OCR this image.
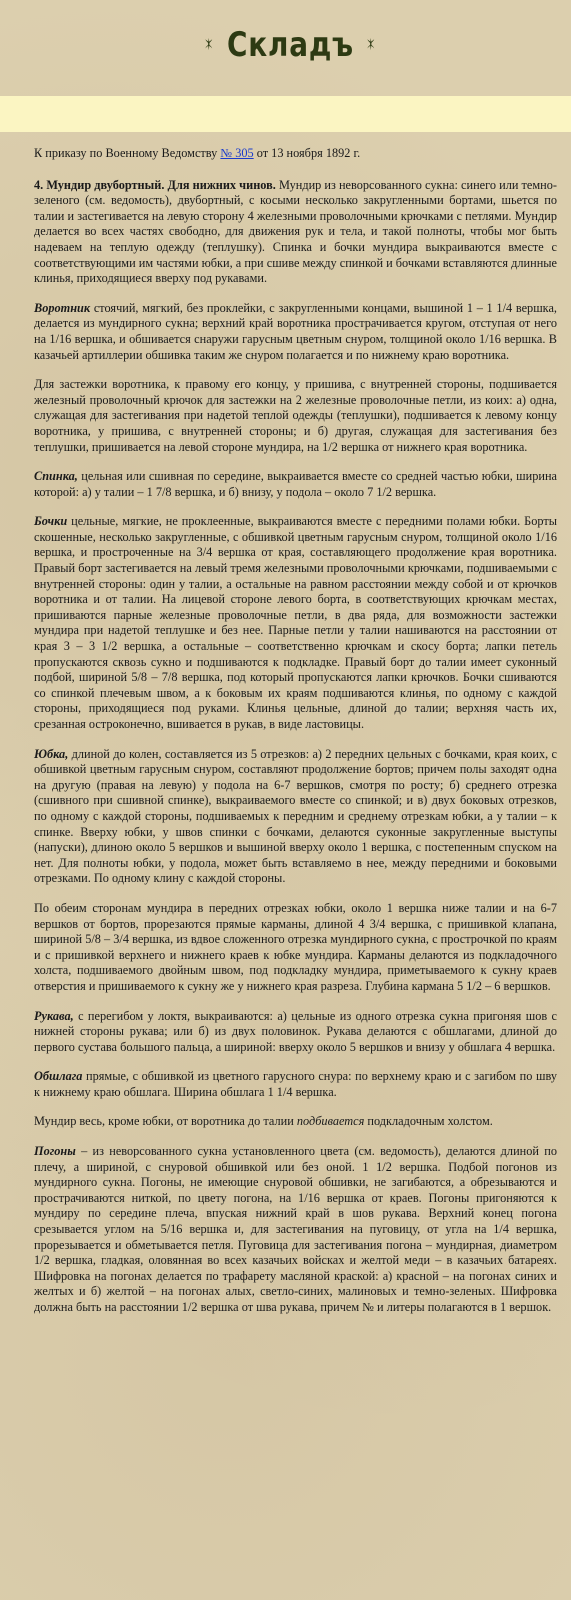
Складъ

К приказу по Военному Ведомству № 305 от 13 ноября 1892 г.

4. Мундир двубортный. Для нижних чинов. Мундир из неворсованного сукна: синего или темно-зеленого (см. ведомость), двубортный, с косыми несколько закругленными бортами, шьется по талии и застегивается на левую сторону 4 железными проволочными крючками с петлями. Мундир делается во всех частях свободно, для движения рук и тела, и такой полноты, чтобы мог быть надеваем на теплую одежду (теплушку). Спинка и бочки мундира выкраиваются вместе с соответствующими им частями юбки, а при сшиве между спинкой и бочками вставляются длинные клинья, приходящиеся вверху под рукавами.

Воротник стоячий, мягкий, без проклейки, с закругленными концами, вышиной 1 – 1 1/4 вершка, делается из мундирного сукна; верхний край воротника прострачивается кругом, отступая от него на 1/16 вершка, и обшивается снаружи гарусным цветным снуром, толщиной около 1/16 вершка. В казачьей артиллерии обшивка таким же снуром полагается и по нижнему краю воротника.

Для застежки воротника, к правому его концу, у пришива, с внутренней стороны, подшивается железный проволочный крючок для застежки на 2 железные проволочные петли, из коих: а) одна, служащая для застегивания при надетой теплой одежды (теплушки), подшивается к левому концу воротника, у пришива, с внутренней стороны; и б) другая, служащая для застегивания без теплушки, пришивается на левой стороне мундира, на 1/2 вершка от нижнего края воротника.

Спинка, цельная или сшивная по середине, выкраивается вместе со средней частью юбки, ширина которой: а) у талии – 1 7/8 вершка, и б) внизу, у подола – около 7 1/2 вершка.

Бочки цельные, мягкие, не проклеенные, выкраиваются вместе с передними полами юбки. Борты скошенные, несколько закругленные, с обшивкой цветным гарусным снуром, толщиной около 1/16 вершка, и простроченные на 3/4 вершка от края, составляющего продолжение края воротника. Правый борт застегивается на левый тремя железными проволочными крючками, подшиваемыми с внутренней стороны: один у талии, а остальные на равном расстоянии между собой и от крючков воротника и от талии. На лицевой стороне левого борта, в соответствующих крючкам местах, пришиваются парные железные проволочные петли, в два ряда, для возможности застежки мундира при надетой теплушке и без нее. Парные петли у талии нашиваются на расстоянии от края 3 – 3 1/2 вершка, а остальные – соответственно крючкам и скосу борта; лапки петель пропускаются сквозь сукно и подшиваются к подкладке. Правый борт до талии имеет суконный подбой, шириной 5/8 – 7/8 вершка, под который пропускаются лапки крючков. Бочки сшиваются со спинкой плечевым швом, а к боковым их краям подшиваются клинья, по одному с каждой стороны, приходящиеся под руками. Клинья цельные, длиной до талии; верхняя часть их, срезанная остроконечно, вшивается в рукав, в виде ластовицы.

Юбка, длиной до колен, составляется из 5 отрезков: а) 2 передних цельных с бочками, края коих, с обшивкой цветным гарусным снуром, составляют продолжение бортов; причем полы заходят одна на другую (правая на левую) у подола на 6-7 вершков, смотря по росту; б) среднего отрезка (сшивного при сшивной спинке), выкраиваемого вместе со спинкой; и в) двух боковых отрезков, по одному с каждой стороны, подшиваемых к передним и среднему отрезкам юбки, а у талии – к спинке. Вверху юбки, у швов спинки с бочками, делаются суконные закругленные выступы (напуски), длиною около 5 вершков и вышиной вверху около 1 вершка, с постепенным спуском на нет. Для полноты юбки, у подола, может быть вставляемо в нее, между передними и боковыми отрезками. По одному клину с каждой стороны.

По обеим сторонам мундира в передних отрезках юбки, около 1 вершка ниже талии и на 6-7 вершков от бортов, прорезаются прямые карманы, длиной 4 3/4 вершка, с пришивкой клапана, шириной 5/8 – 3/4 вершка, из вдвое сложенного отрезка мундирного сукна, с прострочкой по краям и с пришивкой верхнего и нижнего краев к юбке мундира. Карманы делаются из подкладочного холста, подшиваемого двойным швом, под подкладку мундира, приметываемого к сукну краев отверстия и пришиваемого к сукну же у нижнего края разреза. Глубина кармана 5 1/2 – 6 вершков.

Рукава, с перегибом у локтя, выкраиваются: а) цельные из одного отрезка сукна пригоняя шов с нижней стороны рукава; или б) из двух половинок. Рукава делаются с обшлагами, длиной до первого сустава большого пальца, а шириной: вверху около 5 вершков и внизу у обшлага 4 вершка.

Обшлага прямые, с обшивкой из цветного гарусного снура: по верхнему краю и с загибом по шву к нижнему краю обшлага. Ширина обшлага 1 1/4 вершка.

Мундир весь, кроме юбки, от воротника до талии подбивается подкладочным холстом.

Погоны – из неворсованного сукна установленного цвета (см. ведомость), делаются длиной по плечу, а шириной, с снуровой обшивкой или без оной. 1 1/2 вершка. Подбой погонов из мундирного сукна. Погоны, не имеющие снуровой обшивки, не загибаются, а обрезываются и прострачиваются ниткой, по цвету погона, на 1/16 вершка от краев. Погоны пригоняются к мундиру по середине плеча, впуская нижний край в шов рукава. Верхний конец погона срезывается углом на 5/16 вершка и, для застегивания на пуговицу, от угла на 1/4 вершка, прорезывается и обметывается петля. Пуговица для застегивания погона – мундирная, диаметром 1/2 вершка, гладкая, оловянная во всех казачьих войсках и желтой меди – в казачьих батареях. Шифровка на погонах делается по трафарету масляной краской: а) красной – на погонах синих и желтых и б) желтой – на погонах алых, светло-синих, малиновых и темно-зеленых. Шифровка должна быть на расстоянии 1/2 вершка от шва рукава, причем № и литеры полагаются в 1 вершок.
